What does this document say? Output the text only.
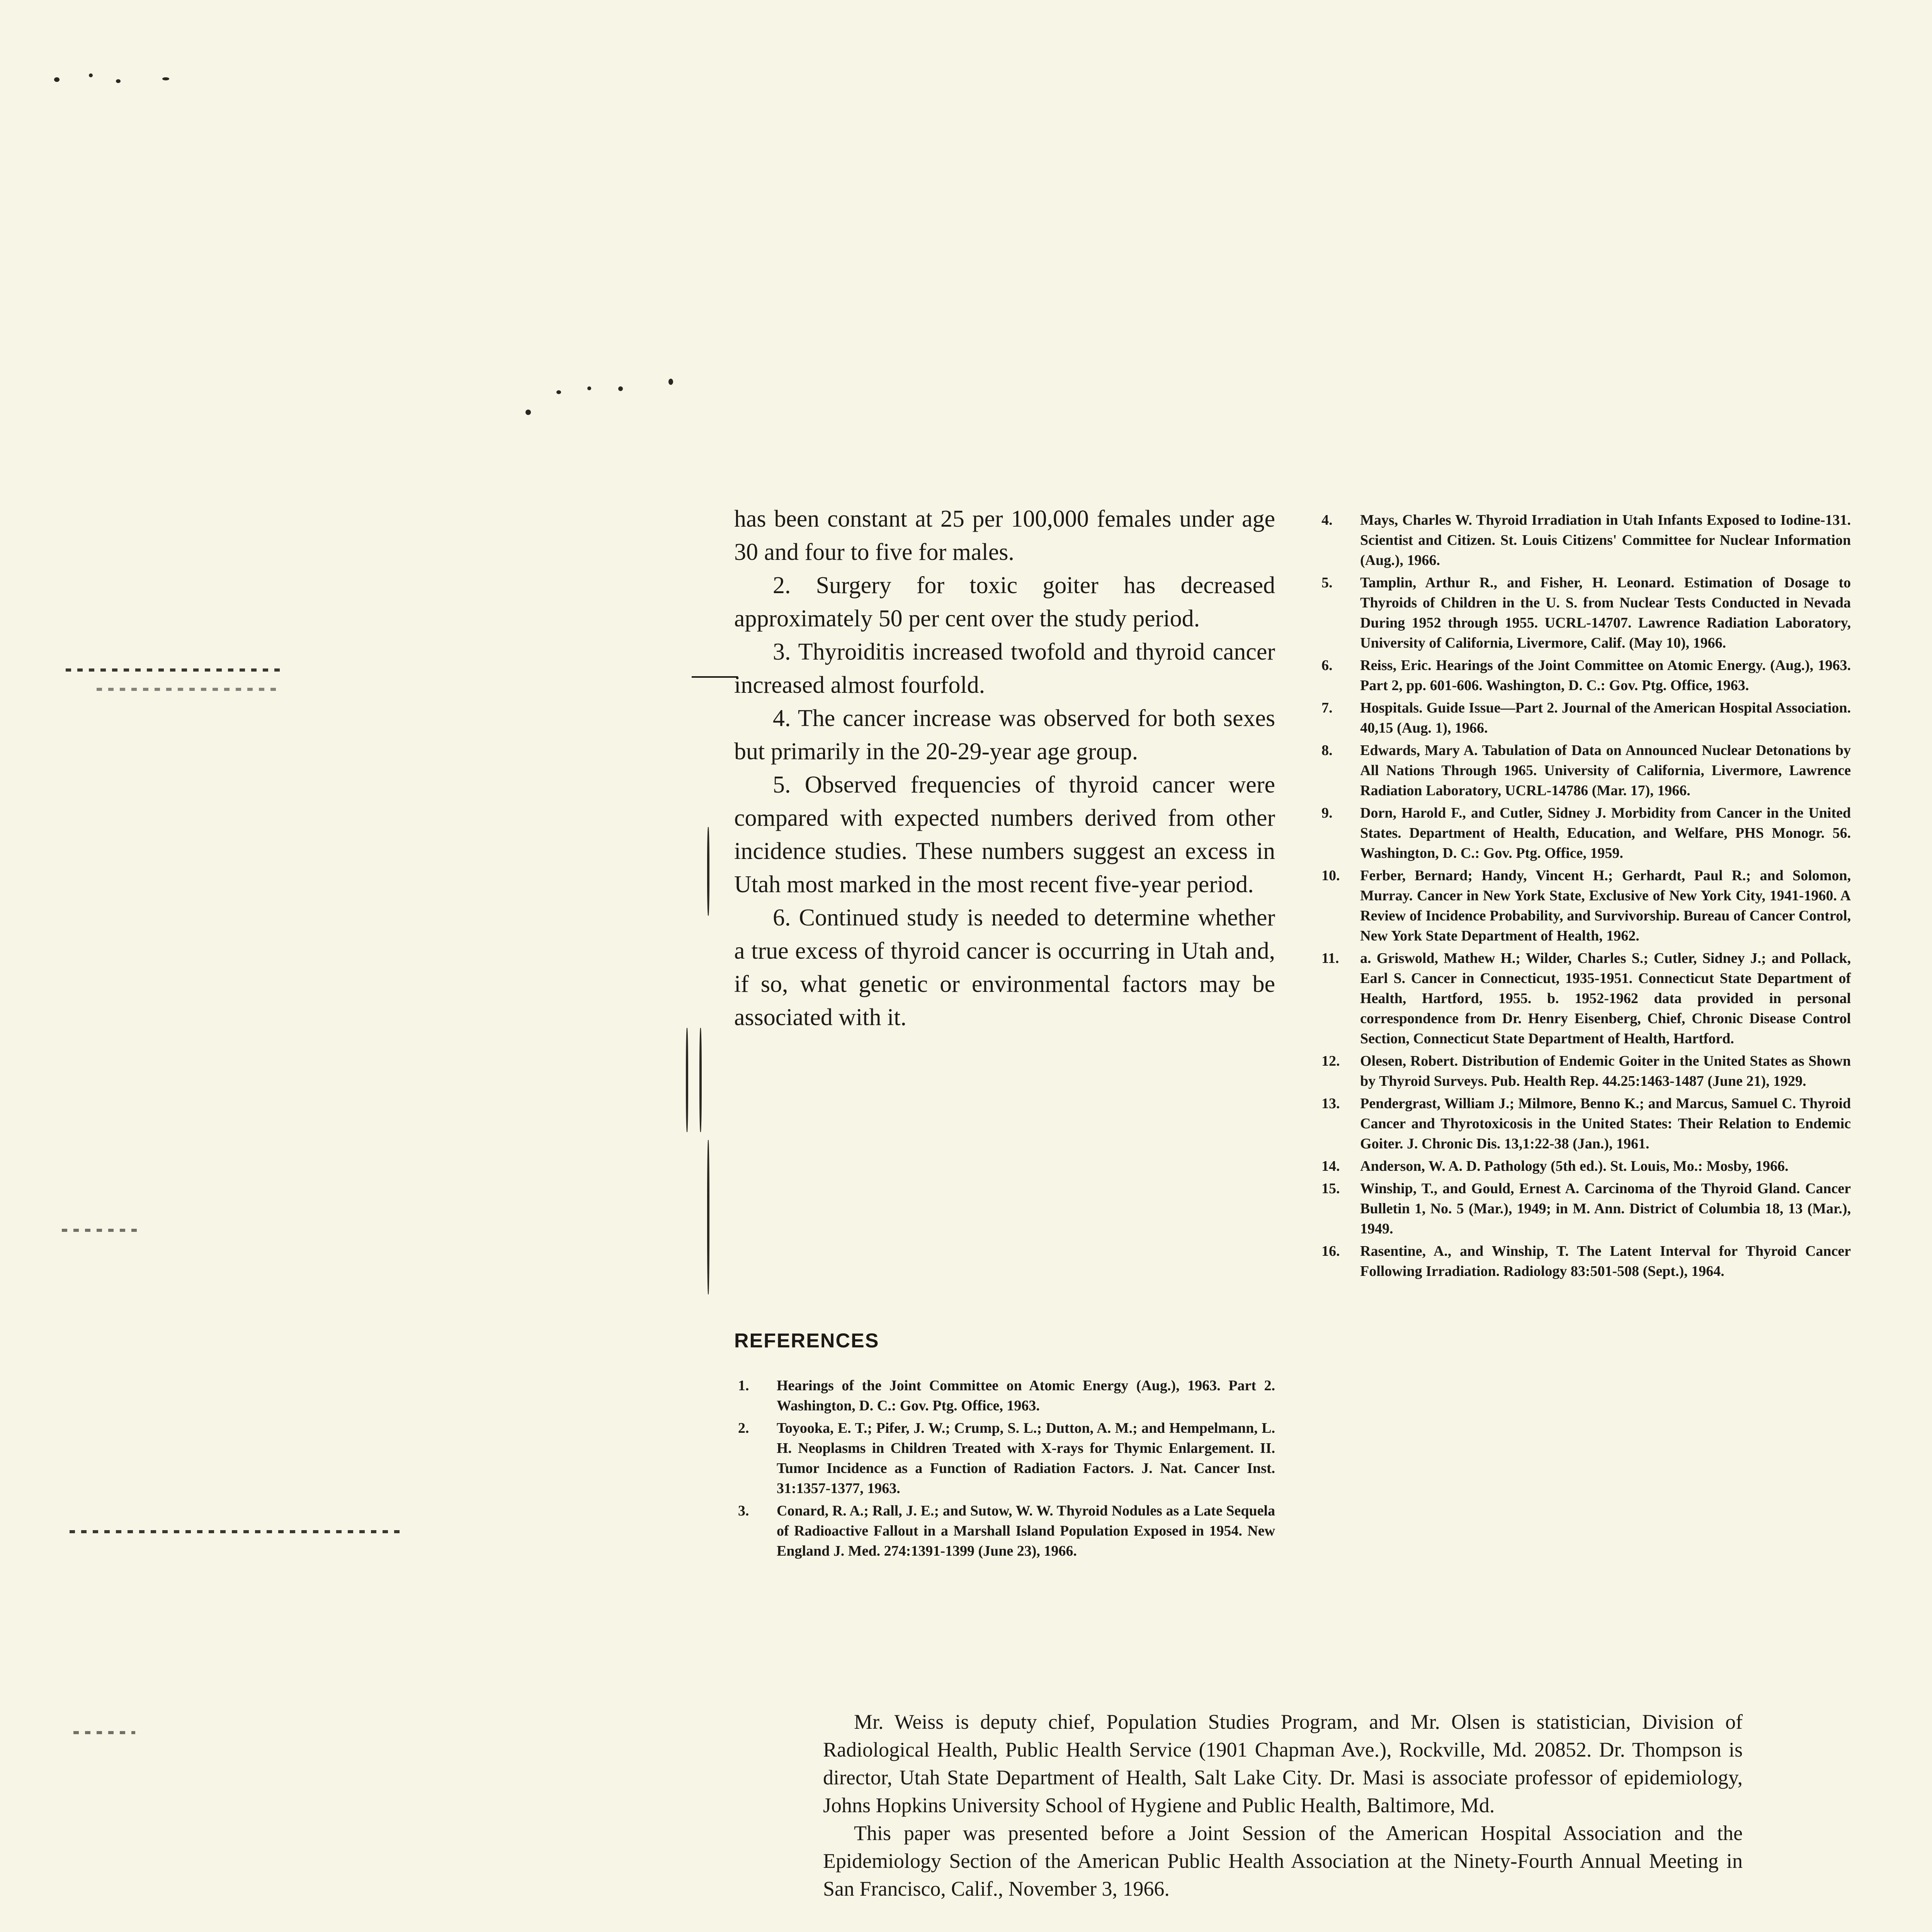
has been constant at 25 per 100,000 females under age 30 and four to five for males.

2. Surgery for toxic goiter has decreased approximately 50 per cent over the study period.

3. Thyroiditis increased twofold and thyroid cancer increased almost fourfold.

4. The cancer increase was observed for both sexes but primarily in the 20-29-year age group.

5. Observed frequencies of thyroid cancer were compared with expected numbers derived from other incidence studies. These numbers suggest an excess in Utah most marked in the most recent five-year period.

6. Continued study is needed to determine whether a true excess of thyroid cancer is occurring in Utah and, if so, what genetic or environmental factors may be associated with it.

REFERENCES
1.	Hearings of the Joint Committee on Atomic Energy (Aug.), 1963. Part 2. Washington, D. C.: Gov. Ptg. Office, 1963.
2.	Toyooka, E. T.; Pifer, J. W.; Crump, S. L.; Dutton, A. M.; and Hempelmann, L. H. Neoplasms in Children Treated with X-rays for Thymic Enlargement. II. Tumor Incidence as a Function of Radiation Factors. J. Nat. Cancer Inst. 31:1357-1377, 1963.
3.	Conard, R. A.; Rall, J. E.; and Sutow, W. W. Thyroid Nodules as a Late Sequela of Radioactive Fallout in a Marshall Island Population Exposed in 1954. New England J. Med. 274:1391-1399 (June 23), 1966.
4.	Mays, Charles W. Thyroid Irradiation in Utah Infants Exposed to Iodine-131. Scientist and Citizen. St. Louis Citizens' Committee for Nuclear Information (Aug.), 1966.
5.	Tamplin, Arthur R., and Fisher, H. Leonard. Estimation of Dosage to Thyroids of Children in the U. S. from Nuclear Tests Conducted in Nevada During 1952 through 1955. UCRL-14707. Lawrence Radiation Laboratory, University of California, Livermore, Calif. (May 10), 1966.
6.	Reiss, Eric. Hearings of the Joint Committee on Atomic Energy. (Aug.), 1963. Part 2, pp. 601-606. Washington, D. C.: Gov. Ptg. Office, 1963.
7.	Hospitals. Guide Issue—Part 2. Journal of the American Hospital Association. 40,15 (Aug. 1), 1966.
8.	Edwards, Mary A. Tabulation of Data on Announced Nuclear Detonations by All Nations Through 1965. University of California, Livermore, Lawrence Radiation Laboratory, UCRL-14786 (Mar. 17), 1966.
9.	Dorn, Harold F., and Cutler, Sidney J. Morbidity from Cancer in the United States. Department of Health, Education, and Welfare, PHS Monogr. 56. Washington, D. C.: Gov. Ptg. Office, 1959.
10.	Ferber, Bernard; Handy, Vincent H.; Gerhardt, Paul R.; and Solomon, Murray. Cancer in New York State, Exclusive of New York City, 1941-1960. A Review of Incidence Probability, and Survivorship. Bureau of Cancer Control, New York State Department of Health, 1962.
11.	a. Griswold, Mathew H.; Wilder, Charles S.; Cutler, Sidney J.; and Pollack, Earl S. Cancer in Connecticut, 1935-1951. Connecticut State Department of Health, Hartford, 1955. b. 1952-1962 data provided in personal correspondence from Dr. Henry Eisenberg, Chief, Chronic Disease Control Section, Connecticut State Department of Health, Hartford.
12.	Olesen, Robert. Distribution of Endemic Goiter in the United States as Shown by Thyroid Surveys. Pub. Health Rep. 44.25:1463-1487 (June 21), 1929.
13.	Pendergrast, William J.; Milmore, Benno K.; and Marcus, Samuel C. Thyroid Cancer and Thyrotoxicosis in the United States: Their Relation to Endemic Goiter. J. Chronic Dis. 13,1:22-38 (Jan.), 1961.
14.	Anderson, W. A. D. Pathology (5th ed.). St. Louis, Mo.: Mosby, 1966.
15.	Winship, T., and Gould, Ernest A. Carcinoma of the Thyroid Gland. Cancer Bulletin 1, No. 5 (Mar.), 1949; in M. Ann. District of Columbia 18, 13 (Mar.), 1949.
16.	Rasentine, A., and Winship, T. The Latent Interval for Thyroid Cancer Following Irradiation. Radiology 83:501-508 (Sept.), 1964.

Mr. Weiss is deputy chief, Population Studies Program, and Mr. Olsen is statistician, Division of Radiological Health, Public Health Service (1901 Chapman Ave.), Rockville, Md. 20852. Dr. Thompson is director, Utah State Department of Health, Salt Lake City. Dr. Masi is associate professor of epidemiology, Johns Hopkins University School of Hygiene and Public Health, Baltimore, Md.

This paper was presented before a Joint Session of the American Hospital Association and the Epidemiology Section of the American Public Health Association at the Ninety-Fourth Annual Meeting in San Francisco, Calif., November 3, 1966.
